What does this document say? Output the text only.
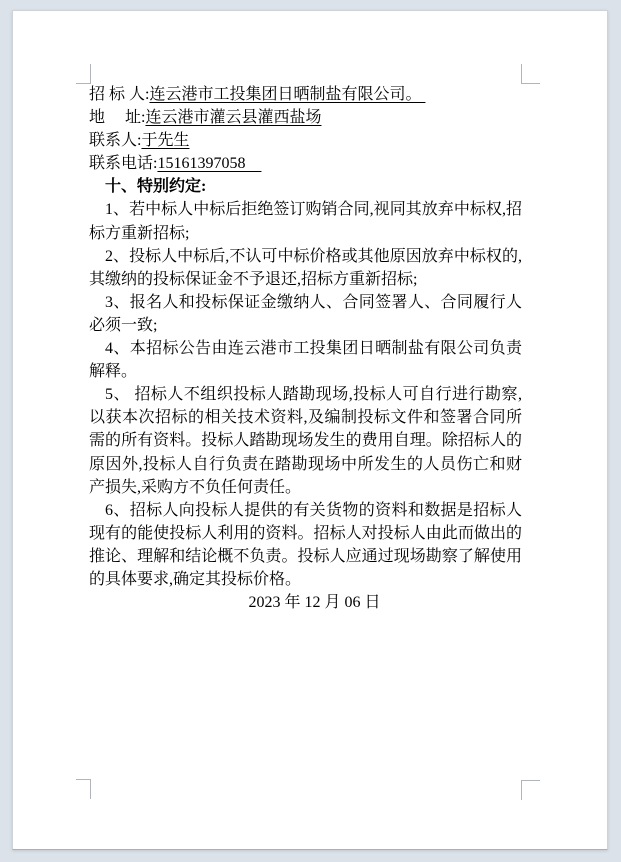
招 标 人:连云港市工投集团日晒制盐有限公司。

地　 址:连云港市灌云县灌西盐场

联系人:于先生

联系电话:15161397058

十、特别约定:

1、若中标人中标后拒绝签订购销合同,视同其放弃中标权,招标方重新招标;

2、投标人中标后,不认可中标价格或其他原因放弃中标权的,其缴纳的投标保证金不予退还,招标方重新招标;

3、报名人和投标保证金缴纳人、合同签署人、合同履行人必须一致;

4、本招标公告由连云港市工投集团日晒制盐有限公司负责解释。

5、 招标人不组织投标人踏勘现场,投标人可自行进行勘察,以获本次招标的相关技术资料,及编制投标文件和签署合同所需的所有资料。投标人踏勘现场发生的费用自理。除招标人的原因外,投标人自行负责在踏勘现场中所发生的人员伤亡和财产损失,采购方不负任何责任。

6、招标人向投标人提供的有关货物的资料和数据是招标人现有的能使投标人利用的资料。招标人对投标人由此而做出的推论、理解和结论概不负责。投标人应通过现场勘察了解使用的具体要求,确定其投标价格。

2023 年 12 月 06 日
